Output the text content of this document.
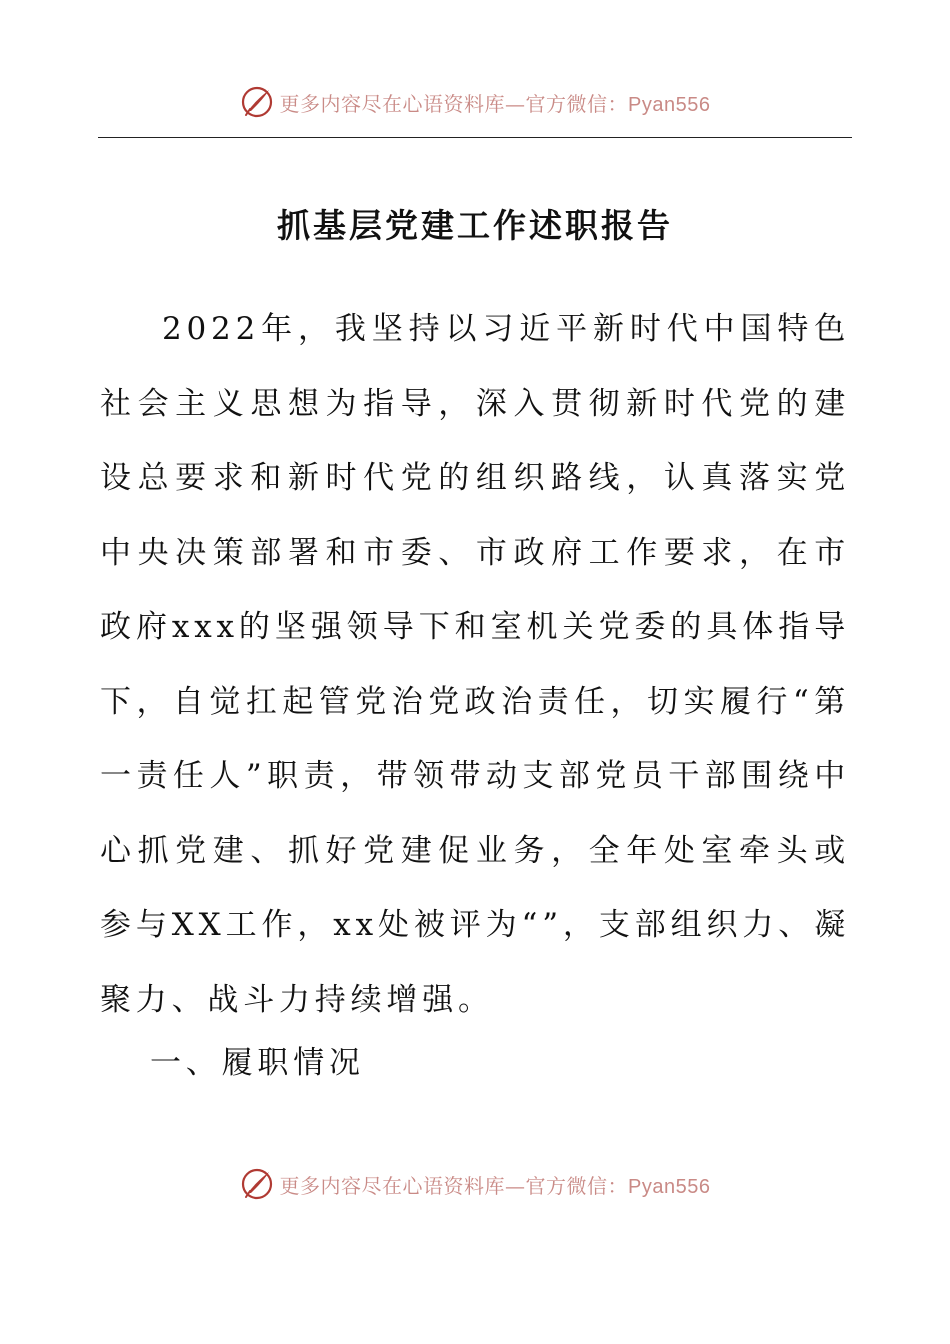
更多内容尽在心语资料库—官方微信：Pyan556
抓基层党建工作述职报告

2022年，我坚持以习近平新时代中国特色社会主义思想为指导，深入贯彻新时代党的建设总要求和新时代党的组织路线，认真落实党中央决策部署和市委、市政府工作要求，在市政府xxx的坚强领导下和室机关党委的具体指导下，自觉扛起管党治党政治责任，切实履行“第一责任人”职责，带领带动支部党员干部围绕中心抓党建、抓好党建促业务，全年处室牵头或参与XX工作，xx处被评为“”，支部组织力、凝聚力、战斗力持续增强。

一、履职情况
更多内容尽在心语资料库—官方微信：Pyan556
